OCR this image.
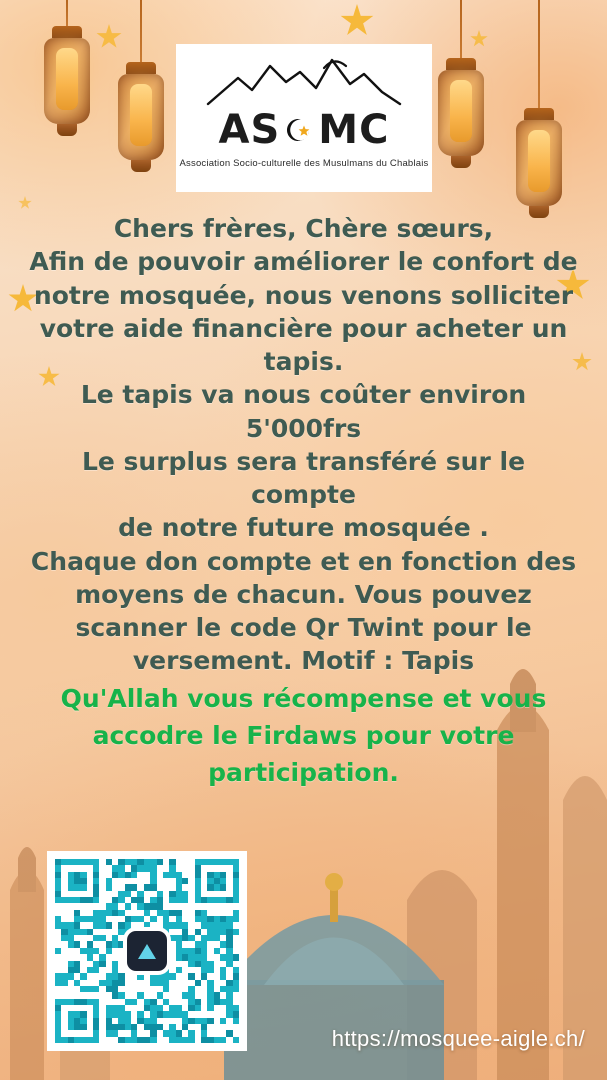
AS MC
Association Socio-culturelle des Musulmans du Chablais

Chers frères, Chère sœurs,

Afin de pouvoir améliorer le confort de

notre mosquée, nous venons solliciter

votre aide financière pour acheter un

tapis.

Le tapis va nous coûter environ

5'000frs

Le surplus sera transféré sur le compte

de notre future mosquée .

Chaque don compte et en fonction des

moyens de chacun. Vous pouvez

scanner le code Qr Twint pour le

versement. Motif : Tapis

Qu'Allah vous récompense et vous

accodre le Firdaws pour votre

participation.

https://mosquee-aigle.ch/
